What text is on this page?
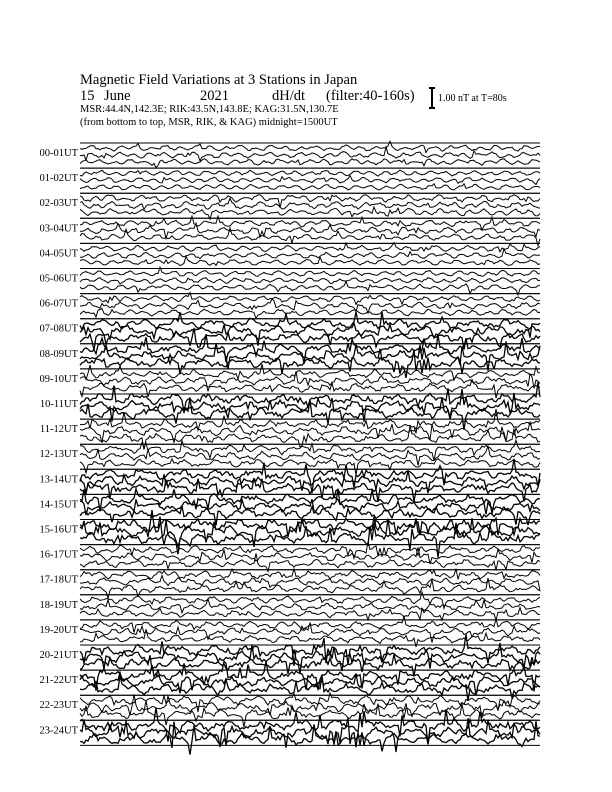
Magnetic Field Variations at 3 Stations in Japan
15 June	2021	dH/dt (filter:40-160s)
MSR:44.4N,142.3E; RIK:43.5N,143.8E; KAG:31.5N,130.7E
(from bottom to top, MSR, RIK, & KAG) midnight=1500UT
1.00 nT at T=80s
00-01UT
01-02UT
02-03UT
03-04UT
04-05UT
05-06UT
06-07UT
07-08UT
08-09UT
09-10UT
10-11UT
11-12UT
12-13UT
13-14UT
14-15UT
15-16UT
16-17UT
17-18UT
18-19UT
19-20UT
20-21UT
21-22UT
22-23UT
23-24UT
